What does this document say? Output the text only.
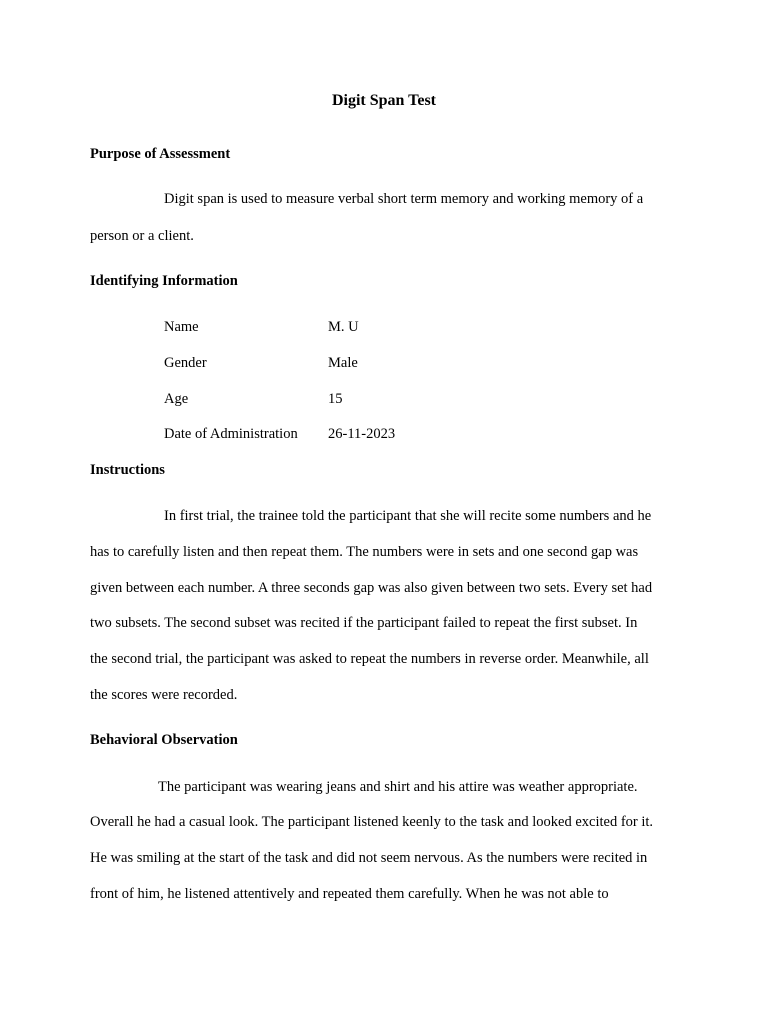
Digit Span Test
Purpose of Assessment
Digit span is used to measure verbal short term memory and working memory of a
person or a client.
Identifying Information
Name	M. U
Gender	Male
Age	15
Date of Administration 26-11-2023
Instructions
In first trial, the trainee told the participant that she will recite some numbers and he
has to carefully listen and then repeat them. The numbers were in sets and one second gap was
given between each number. A three seconds gap was also given between two sets. Every set had
two subsets. The second subset was recited if the participant failed to repeat the first subset. In
the second trial, the participant was asked to repeat the numbers in reverse order. Meanwhile, all
the scores were recorded.
Behavioral Observation
The participant was wearing jeans and shirt and his attire was weather appropriate.
Overall he had a casual look. The participant listened keenly to the task and looked excited for it.
He was smiling at the start of the task and did not seem nervous. As the numbers were recited in
front of him, he listened attentively and repeated them carefully. When he was not able to
